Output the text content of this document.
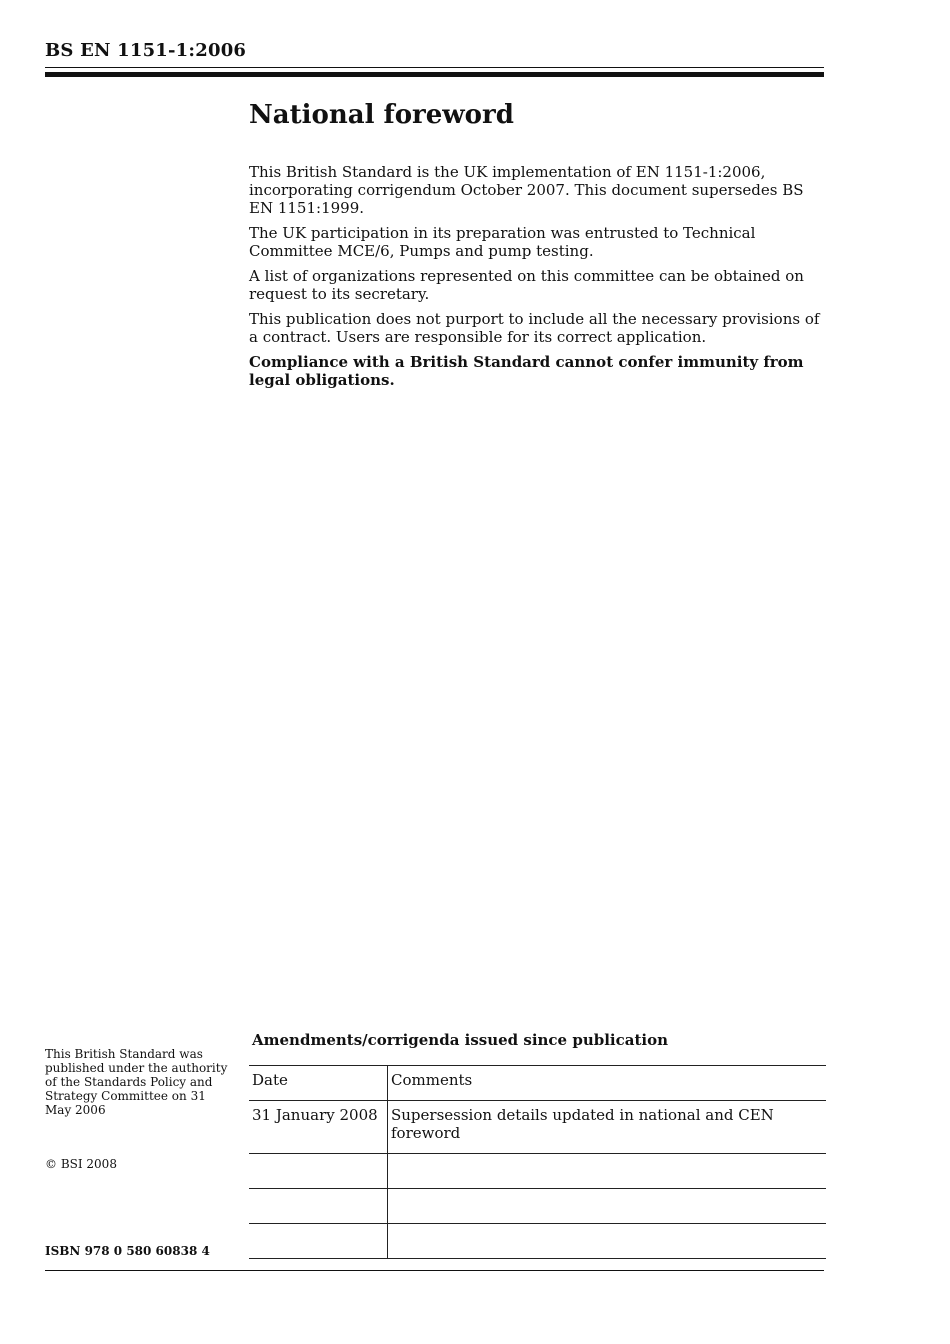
BS EN 1151-1:2006
National foreword

This British Standard is the UK implementation of EN 1151-1:2006, incorporating corrigendum October 2007. This document supersedes BS EN 1151:1999.

The UK participation in its preparation was entrusted to Technical Committee MCE/6, Pumps and pump testing.

A list of organizations represented on this committee can be obtained on request to its secretary.

This publication does not purport to include all the necessary provisions of a contract. Users are responsible for its correct application.

Compliance with a British Standard cannot confer immunity from legal obligations.

This British Standard was published under the authority of the Standards Policy and Strategy Committee on 31 May 2006
© BSI 2008
ISBN 978 0 580 60838 4
Amendments/corrigenda issued since publication
Date	Comments
31 January 2008	Supersession details updated in national and CEN foreword
